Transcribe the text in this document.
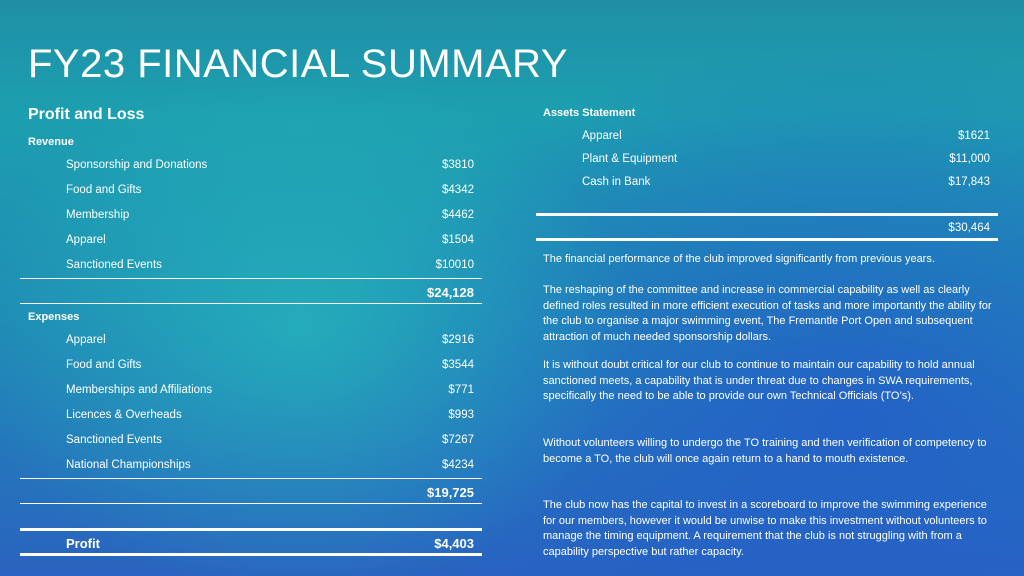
FY23 FINANCIAL SUMMARY
Profit and Loss
Revenue
Sponsorship and Donations	$3810
Food and Gifts	$4342
Membership	$4462
Apparel	$1504
Sanctioned Events	$10010
$24,128
Expenses
Apparel	$2916
Food and Gifts	$3544
Memberships and Affiliations	$771
Licences & Overheads	$993
Sanctioned Events	$7267
National Championships	$4234
$19,725
Profit	$4,403
Assets Statement
Apparel	$1621
Plant & Equipment	$11,000
Cash in Bank	$17,843
$30,464

The financial performance of the club improved significantly from previous years.

The reshaping of the committee and increase in commercial capability as well as clearly defined roles resulted in more efficient execution of tasks and more importantly the ability for the club to organise a major swimming event, The Fremantle Port Open and subsequent attraction of much needed sponsorship dollars.

It is without doubt critical for our club to continue to maintain our capability to hold annual sanctioned meets, a capability that is under threat due to changes in SWA requirements, specifically the need to be able to provide our own Technical Officials (TO’s).

Without volunteers willing to undergo the TO training and then verification of competency to become a TO, the club will once again return to a hand to mouth existence.

The club now has the capital to invest in a scoreboard to improve the swimming experience for our members, however it would be unwise to make this investment without volunteers to manage the timing equipment. A requirement that the club is not struggling with from a capability perspective but rather capacity.
